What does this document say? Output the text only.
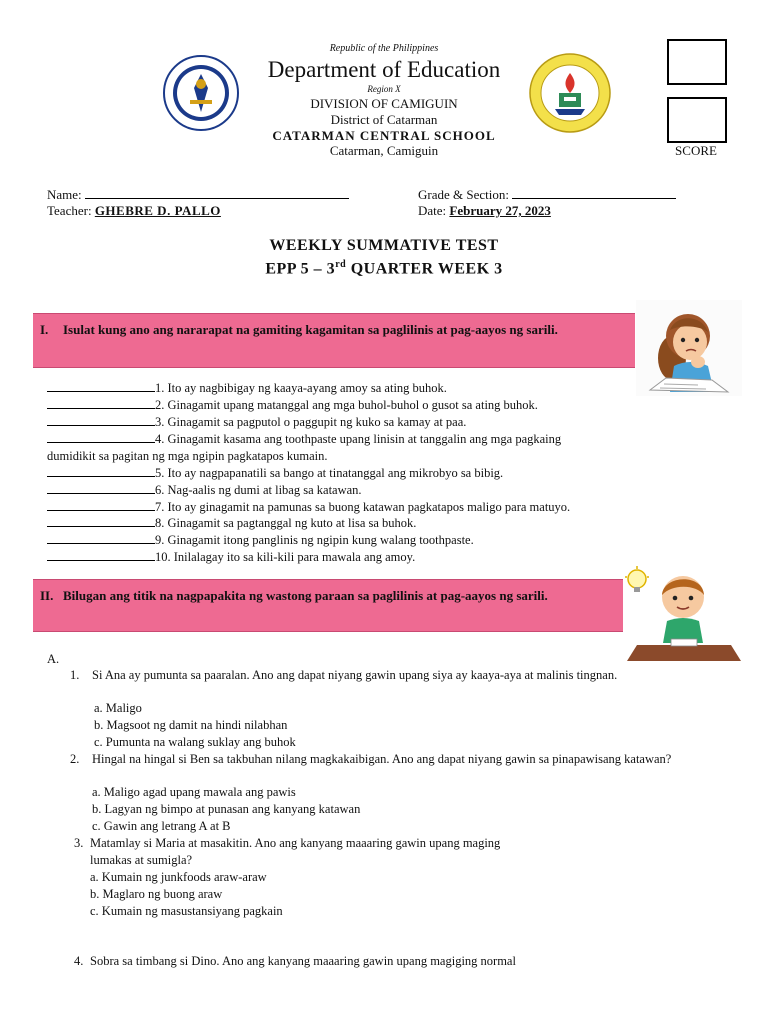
Republic of the Philippines
Department of Education
Region X
DIVISION OF CAMIGUIN
District of Catarman
CATARMAN CENTRAL SCHOOL
Catarman, Camiguin	SCORE
Name:
Teacher: GHEBRE D. PALLO
Grade & Section:
Date: February 27, 2023
WEEKLY SUMMATIVE TEST
EPP 5 – 3rd QUARTER WEEK 3
I. Isulat kung ano ang nararapat na gamiting kagamitan sa paglilinis at pag-aayos ng sarili.
1. Ito ay nagbibigay ng kaaya-ayang amoy sa ating buhok.
2. Ginagamit upang matanggal ang mga buhol-buhol o gusot sa ating buhok.
3. Ginagamit sa pagputol o paggupit ng kuko sa kamay at paa.
4. Ginagamit kasama ang toothpaste upang linisin at tanggalin ang mga pagkaing
dumidikit sa pagitan ng mga ngipin pagkatapos kumain.
5. Ito ay nagpapanatili sa bango at tinatanggal ang mikrobyo sa bibig.
6. Nag-aalis ng dumi at libag sa katawan.
7. Ito ay ginagamit na pamunas sa buong katawan pagkatapos maligo para matuyo.
8. Ginagamit sa pagtanggal ng kuto at lisa sa buhok.
9. Ginagamit itong panglinis ng ngipin kung walang toothpaste.
10. Inilalagay ito sa kili-kili para mawala ang amoy.
II. Bilugan ang titik na nagpapakita ng wastong paraan sa paglilinis at pag-aayos ng sarili.
A.
1. Si Ana ay pumunta sa paaralan. Ano ang dapat niyang gawin upang siya ay kaaya-aya at malinis tingnan.
a. Maligo
b. Magsoot ng damit na hindi nilabhan
c. Pumunta na walang suklay ang buhok
2. Hingal na hingal si Ben sa takbuhan nilang magkakaibigan. Ano ang dapat niyang gawin sa pinapawisang katawan?
a. Maligo agad upang mawala ang pawis
b. Lagyan ng bimpo at punasan ang kanyang katawan
c. Gawin ang letrang A at B
3. Matamlay si Maria at masakitin. Ano ang kanyang maaaring gawin upang maging
lumakas at sumigla?
a. Kumain ng junkfoods araw-araw
b. Maglaro ng buong araw
c. Kumain ng masustansiyang pagkain
4. Sobra sa timbang si Dino. Ano ang kanyang maaaring gawin upang magiging normal
